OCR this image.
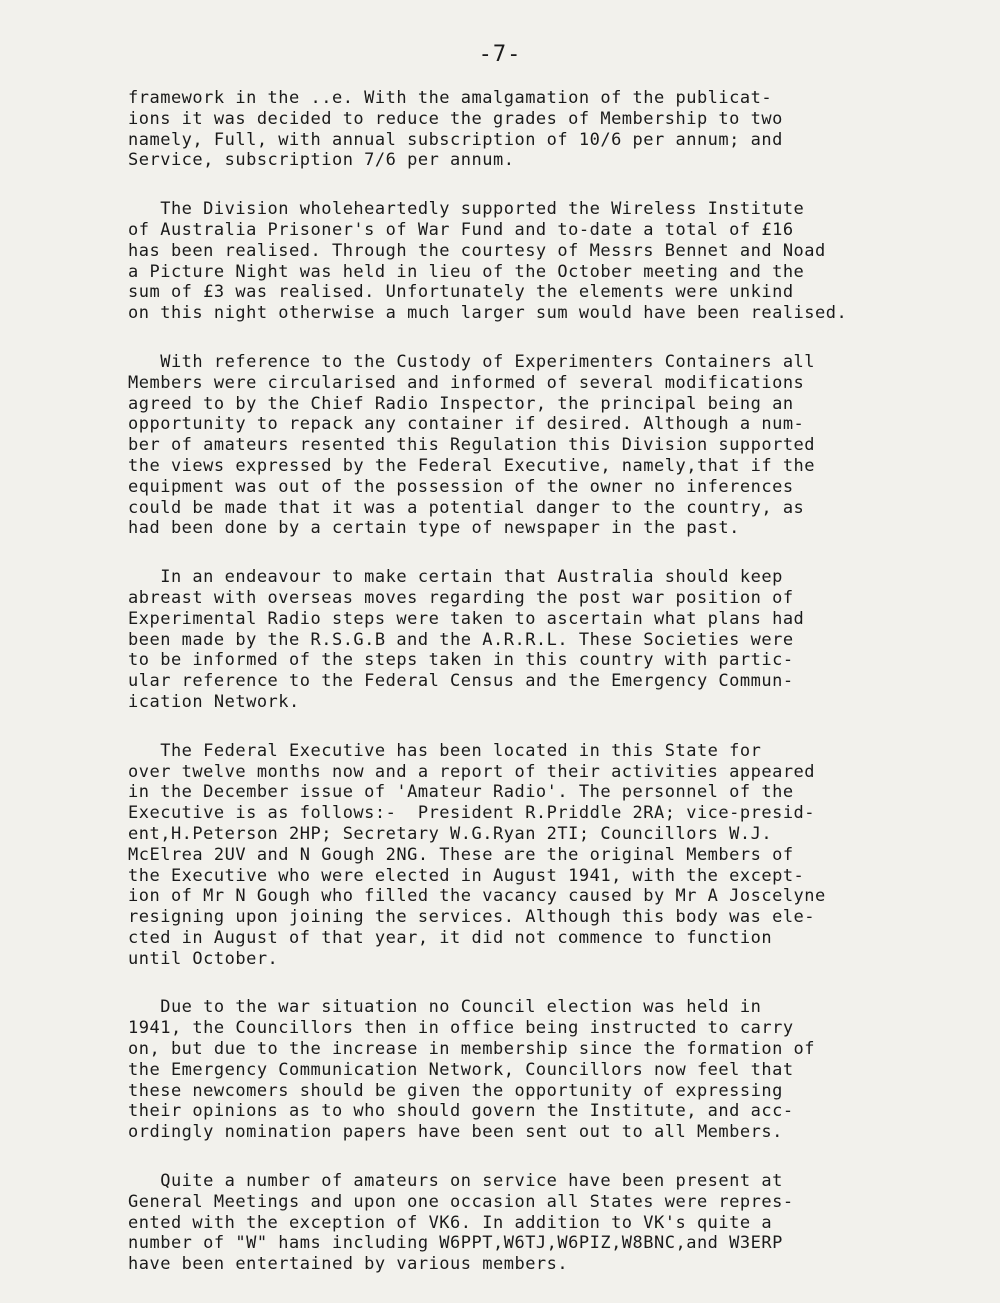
-7-
framework in the ..e. With the amalgamation of the publicat-
ions it was decided to reduce the grades of Membership to two
namely, Full, with annual subscription of 10/6 per annum; and
Service, subscription 7/6 per annum.
The Division wholeheartedly supported the Wireless Institute
of Australia Prisoner's of War Fund and to-date a total of £16
has been realised. Through the courtesy of Messrs Bennet and Noad
a Picture Night was held in lieu of the October meeting and the
sum of £3 was realised. Unfortunately the elements were unkind
on this night otherwise a much larger sum would have been realised.
With reference to the Custody of Experimenters Containers all
Members were circularised and informed of several modifications
agreed to by the Chief Radio Inspector, the principal being an
opportunity to repack any container if desired. Although a num-
ber of amateurs resented this Regulation this Division supported
the views expressed by the Federal Executive, namely,that if the
equipment was out of the possession of the owner no inferences
could be made that it was a potential danger to the country, as
had been done by a certain type of newspaper in the past.
In an endeavour to make certain that Australia should keep
abreast with overseas moves regarding the post war position of
Experimental Radio steps were taken to ascertain what plans had
been made by the R.S.G.B and the A.R.R.L. These Societies were
to be informed of the steps taken in this country with partic-
ular reference to the Federal Census and the Emergency Commun-
ication Network.
The Federal Executive has been located in this State for
over twelve months now and a report of their activities appeared
in the December issue of 'Amateur Radio'. The personnel of the
Executive is as follows:-  President R.Priddle 2RA; vice-presid-
ent,H.Peterson 2HP; Secretary W.G.Ryan 2TI; Councillors W.J.
McElrea 2UV and N Gough 2NG. These are the original Members of
the Executive who were elected in August 1941, with the except-
ion of Mr N Gough who filled the vacancy caused by Mr A Joscelyne
resigning upon joining the services. Although this body was ele-
cted in August of that year, it did not commence to function
until October.
Due to the war situation no Council election was held in
1941, the Councillors then in office being instructed to carry
on, but due to the increase in membership since the formation of
the Emergency Communication Network, Councillors now feel that
these newcomers should be given the opportunity of expressing
their opinions as to who should govern the Institute, and acc-
ordingly nomination papers have been sent out to all Members.
Quite a number of amateurs on service have been present at
General Meetings and upon one occasion all States were repres-
ented with the exception of VK6. In addition to VK's quite a
number of "W" hams including W6PPT,W6TJ,W6PIZ,W8BNC,and W3ERP
have been entertained by various members.
